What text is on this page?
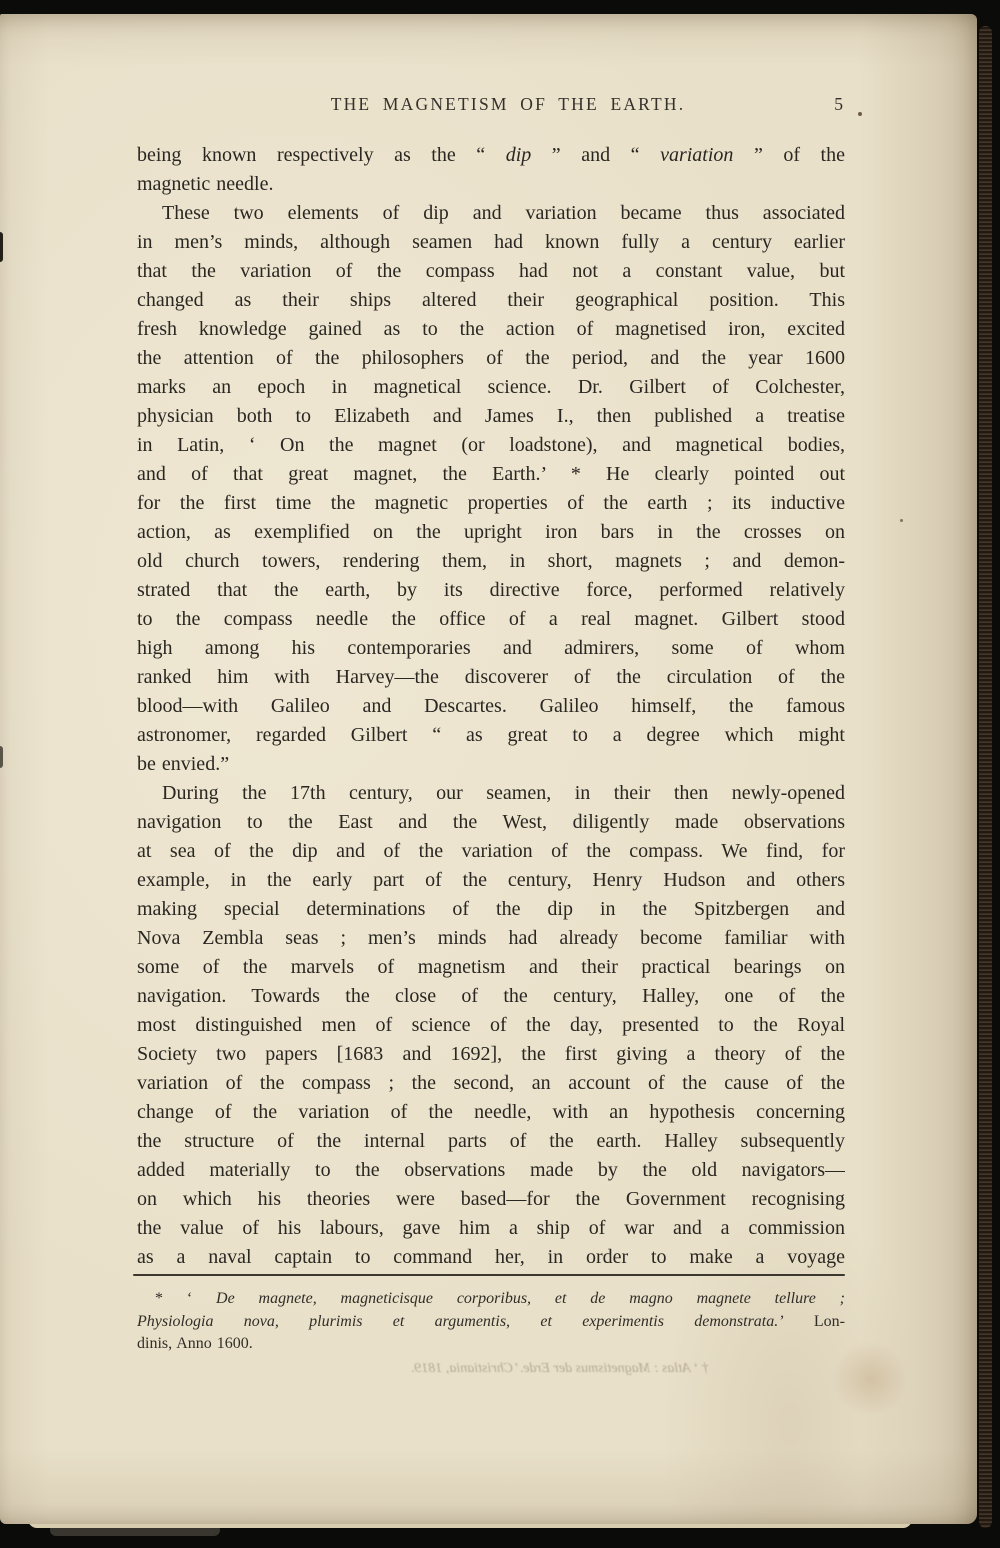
THE MAGNETISM OF THE EARTH.	5
being known respectively as the “ dip ” and “ variation ” of the
magnetic needle.
These two elements of dip and variation became thus associated
in men’s minds, although seamen had known fully a century earlier
that the variation of the compass had not a constant value, but
changed as their ships altered their geographical position. This
fresh knowledge gained as to the action of magnetised iron, excited
the attention of the philosophers of the period, and the year 1600
marks an epoch in magnetical science. Dr. Gilbert of Colchester,
physician both to Elizabeth and James I., then published a treatise
in Latin, ‘ On the magnet (or loadstone), and magnetical bodies,
and of that great magnet, the Earth.’ * He clearly pointed out
for the first time the magnetic properties of the earth ; its inductive
action, as exemplified on the upright iron bars in the crosses on
old church towers, rendering them, in short, magnets ; and demon-
strated that the earth, by its directive force, performed relatively
to the compass needle the office of a real magnet. Gilbert stood
high among his contemporaries and admirers, some of whom
ranked him with Harvey—the discoverer of the circulation of the
blood—with Galileo and Descartes. Galileo himself, the famous
astronomer, regarded Gilbert “ as great to a degree which might
be envied.”
During the 17th century, our seamen, in their then newly-opened
navigation to the East and the West, diligently made observations
at sea of the dip and of the variation of the compass. We find, for
example, in the early part of the century, Henry Hudson and others
making special determinations of the dip in the Spitzbergen and
Nova Zembla seas ; men’s minds had already become familiar with
some of the marvels of magnetism and their practical bearings on
navigation. Towards the close of the century, Halley, one of the
most distinguished men of science of the day, presented to the Royal
Society two papers [1683 and 1692], the first giving a theory of the
variation of the compass ; the second, an account of the cause of the
change of the variation of the needle, with an hypothesis concerning
the structure of the internal parts of the earth. Halley subsequently
added materially to the observations made by the old navigators—
on which his theories were based—for the Government recognising
the value of his labours, gave him a ship of war and a commission
as a naval captain to command her, in order to make a voyage
* ‘ De magnete, magneticisque corporibus, et de magno magnete tellure ;
Physiologia nova, plurimis et argumentis, et experimentis demonstrata.’ Lon-
dinis, Anno 1600.
† ‘ Atlas : Magnetismus der Erde.’ Christiania, 1819.
